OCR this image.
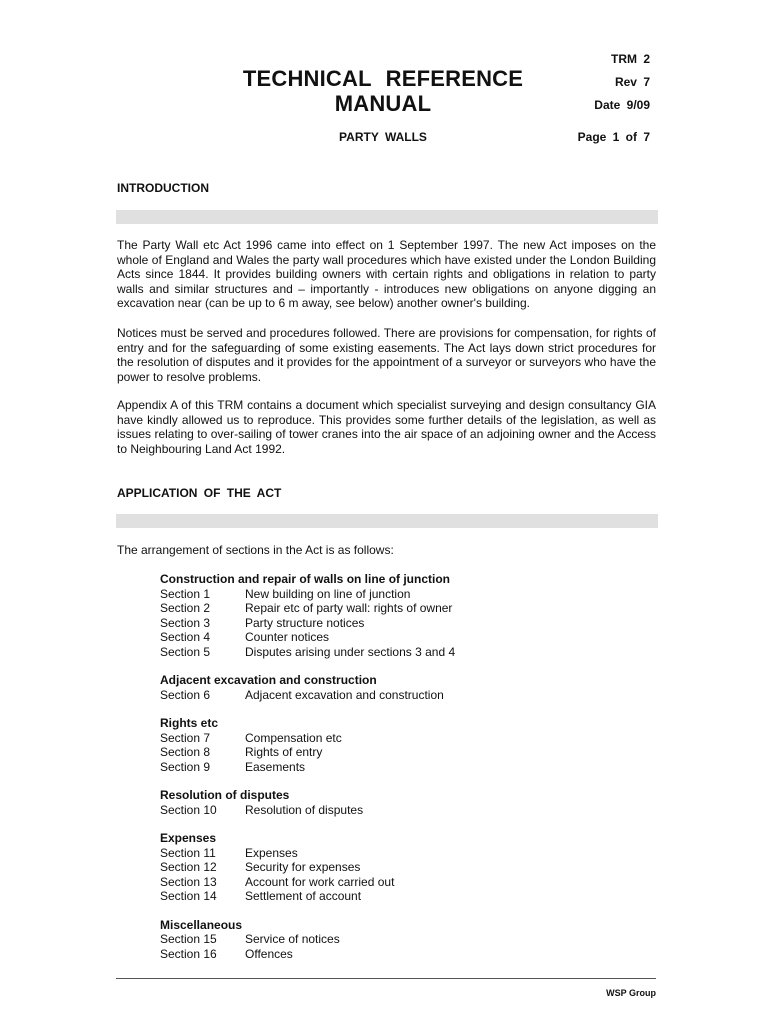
TECHNICAL REFERENCE
MANUAL
TRM 2
Rev 7
Date 9/09
PARTY WALLS	Page 1 of 7
INTRODUCTION

The Party Wall etc Act 1996 came into effect on 1 September 1997. The new Act imposes on the whole of England and Wales the party wall procedures which have existed under the London Building Acts since 1844. It provides building owners with certain rights and obligations in relation to party walls and similar structures and – importantly - introduces new obligations on anyone digging an excavation near (can be up to 6 m away, see below) another owner's building.

Notices must be served and procedures followed. There are provisions for compensation, for rights of entry and for the safeguarding of some existing easements. The Act lays down strict procedures for the resolution of disputes and it provides for the appointment of a surveyor or surveyors who have the power to resolve problems.

Appendix A of this TRM contains a document which specialist surveying and design consultancy GIA have kindly allowed us to reproduce. This provides some further details of the legislation, as well as issues relating to over-sailing of tower cranes into the air space of an adjoining owner and the Access to Neighbouring Land Act 1992.

APPLICATION OF THE ACT
The arrangement of sections in the Act is as follows:
Construction and repair of walls on line of junction
Section 1	New building on line of junction
Section 2	Repair etc of party wall: rights of owner
Section 3	Party structure notices
Section 4	Counter notices
Section 5	Disputes arising under sections 3 and 4
Adjacent excavation and construction
Section 6	Adjacent excavation and construction
Rights etc
Section 7	Compensation etc
Section 8	Rights of entry
Section 9	Easements
Resolution of disputes
Section 10	Resolution of disputes
Expenses
Section 11	Expenses
Section 12	Security for expenses
Section 13	Account for work carried out
Section 14	Settlement of account
Miscellaneous
Section 15	Service of notices
Section 16	Offences
WSP Group
